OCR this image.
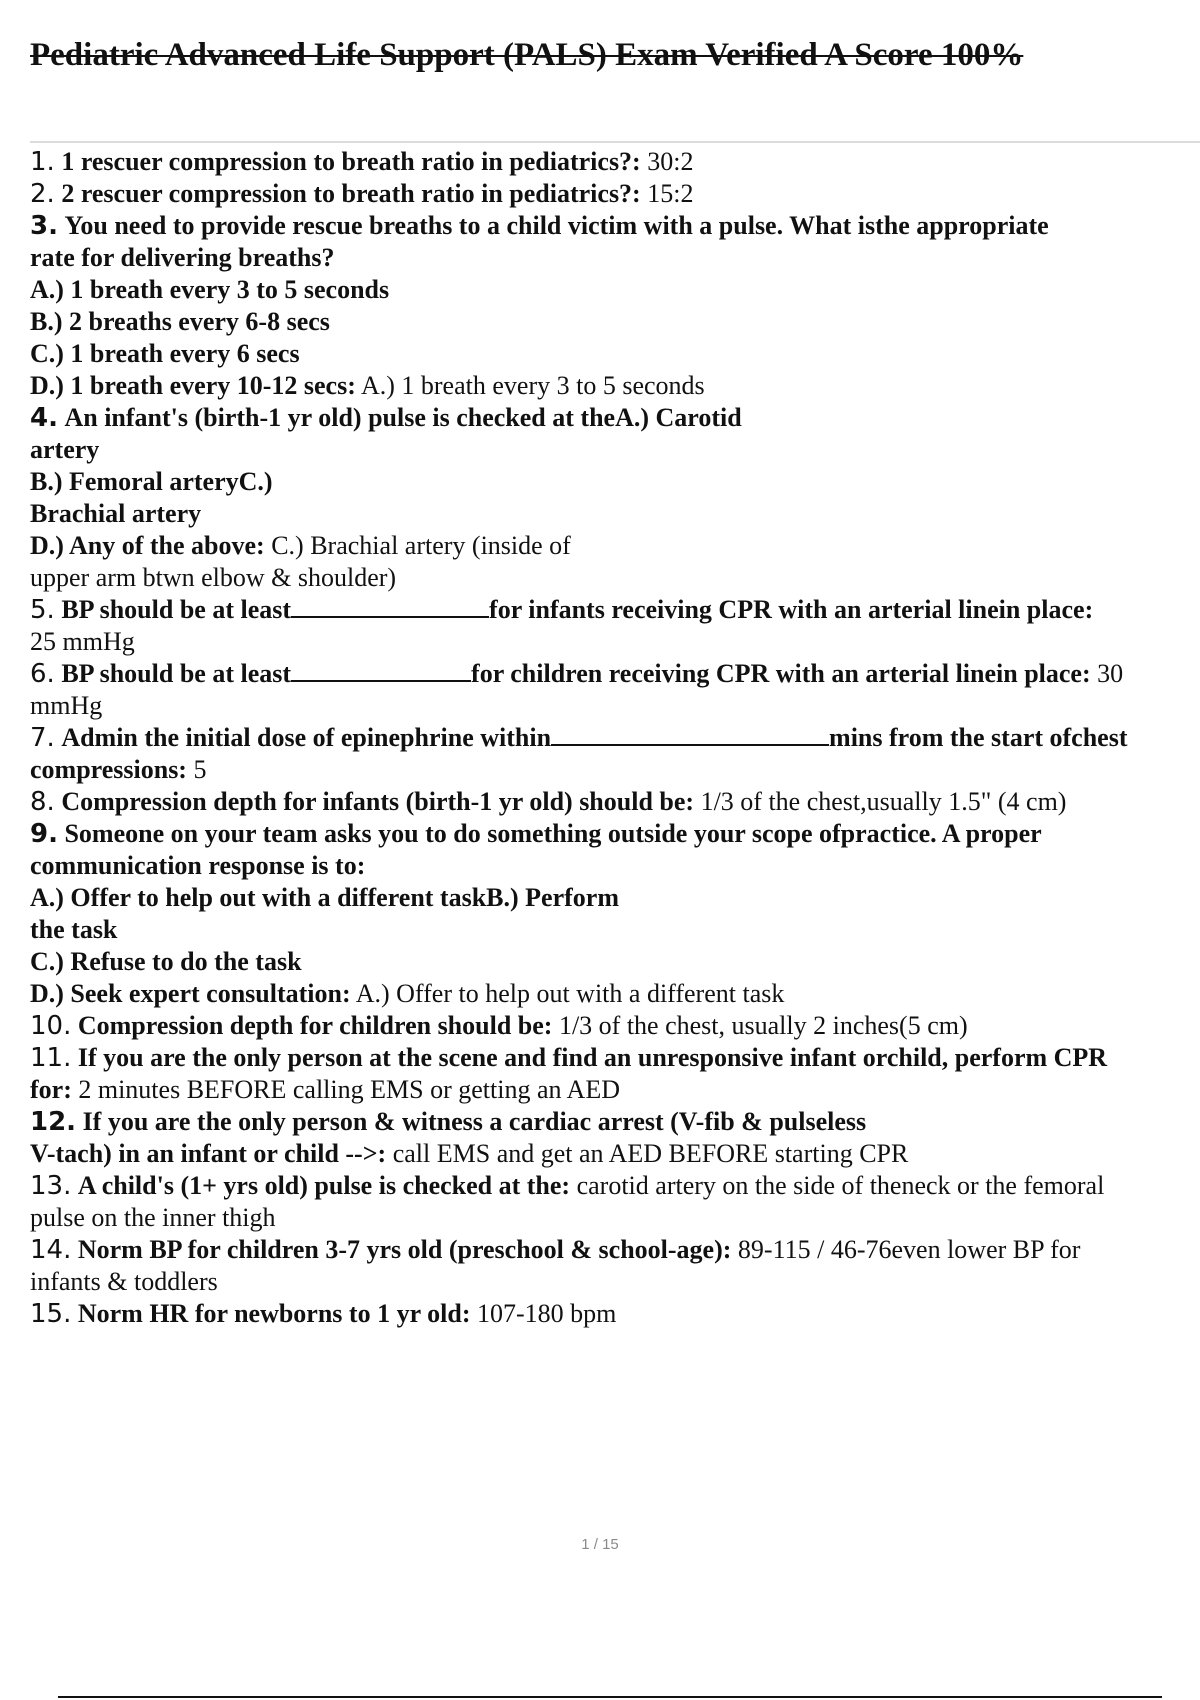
Pediatric Advanced Life Support (PALS) Exam Verified A Score 100%
1. 1 rescuer compression to breath ratio in pediatrics?: 30:2
2. 2 rescuer compression to breath ratio in pediatrics?: 15:2
3. You need to provide rescue breaths to a child victim with a pulse. What isthe appropriate
rate for delivering breaths?
A.) 1 breath every 3 to 5 seconds
B.) 2 breaths every 6-8 secs
C.) 1 breath every 6 secs
D.) 1 breath every 10-12 secs: A.) 1 breath every 3 to 5 seconds
4. An infant's (birth-1 yr old) pulse is checked at theA.) Carotid
artery
B.) Femoral arteryC.)
Brachial artery
D.) Any of the above: C.) Brachial artery (inside of
upper arm btwn elbow & shoulder)
5. BP should be at least	for infants receiving CPR with an arterial linein place:
25 mmHg
6. BP should be at least	for children receiving CPR with an arterial linein place: 30
mmHg
7. Admin the initial dose of epinephrine within	mins from the start ofchest
compressions: 5
8. Compression depth for infants (birth-1 yr old) should be: 1/3 of the chest,usually 1.5" (4 cm)
9. Someone on your team asks you to do something outside your scope ofpractice. A proper
communication response is to:
A.) Offer to help out with a different taskB.) Perform
the task
C.) Refuse to do the task
D.) Seek expert consultation: A.) Offer to help out with a different task
10. Compression depth for children should be: 1/3 of the chest, usually 2 inches(5 cm)
11. If you are the only person at the scene and find an unresponsive infant orchild, perform CPR
for: 2 minutes BEFORE calling EMS or getting an AED
12. If you are the only person & witness a cardiac arrest (V-fib & pulseless
V-tach) in an infant or child -->: call EMS and get an AED BEFORE starting CPR
13. A child's (1+ yrs old) pulse is checked at the: carotid artery on the side of theneck or the femoral
pulse on the inner thigh
14. Norm BP for children 3-7 yrs old (preschool & school-age): 89-115 / 46-76even lower BP for
infants & toddlers
15. Norm HR for newborns to 1 yr old: 107-180 bpm
1 / 15
